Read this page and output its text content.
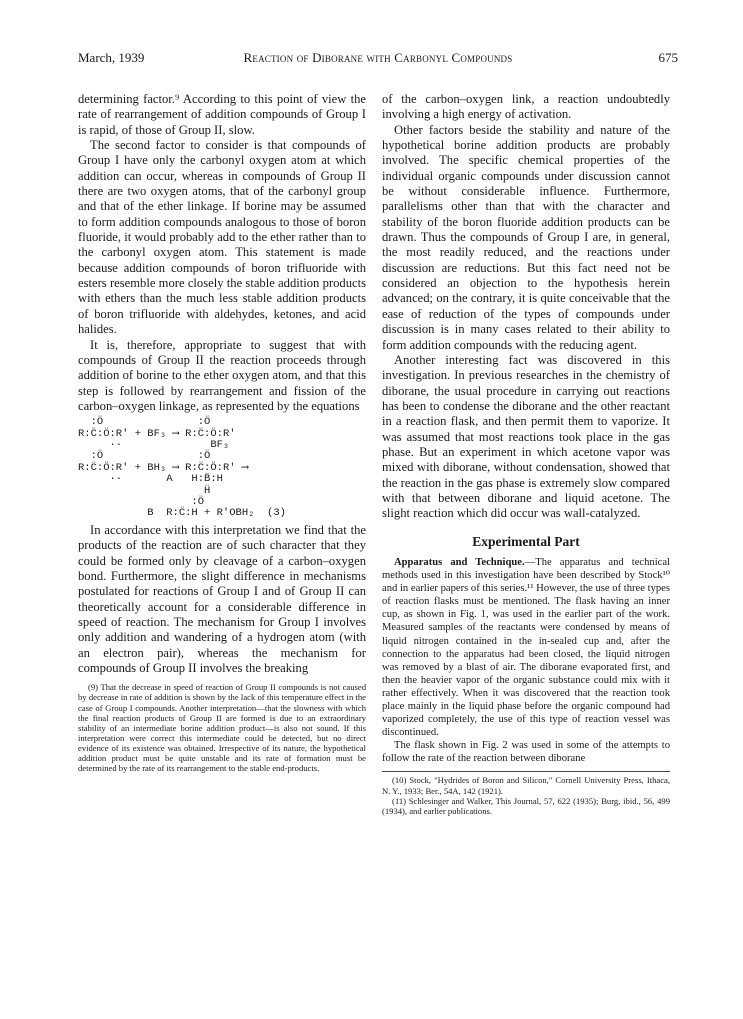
March, 1939	Reaction of Diborane with Carbonyl Compounds	675

determining factor.⁹ According to this point of view the rate of rearrangement of addition compounds of Group I is rapid, of those of Group II, slow.

The second factor to consider is that compounds of Group I have only the carbonyl oxygen atom at which addition can occur, whereas in compounds of Group II there are two oxygen atoms, that of the carbonyl group and that of the ether linkage. If borine may be assumed to form addition compounds analogous to those of boron fluoride, it would probably add to the ether rather than to the carbonyl oxygen atom. This statement is made because addition compounds of boron trifluoride with esters resemble more closely the stable addition products with ethers than the much less stable addition products of boron trifluoride with aldehydes, ketones, and acid halides.

It is, therefore, appropriate to suggest that with compounds of Group II the reaction proceeds through addition of borine to the ether oxygen atom, and that this step is followed by rearrangement and fission of the carbon–oxygen linkage, as represented by the equations

:Ö               :Ö
R:C̈:Ö:R' + BF₃ ⟶ R:C̈:Ö:R'
··              BF₃
:Ö               :Ö
R:C̈:Ö:R' + BH₃ ⟶ R:C̈:Ö:R' ⟶
··       A   H:B̈:H
Ḧ
:Ö
B  R:C̈:H + R'OBH₂  (3)

In accordance with this interpretation we find that the products of the reaction are of such character that they could be formed only by cleavage of a carbon–oxygen bond. Furthermore, the slight difference in mechanisms postulated for reactions of Group I and of Group II can theoretically account for a considerable difference in speed of reaction. The mechanism for Group I involves only addition and wandering of a hydrogen atom (with an electron pair), whereas the mechanism for compounds of Group II involves the breaking

(9) That the decrease in speed of reaction of Group II compounds is not caused by decrease in rate of addition is shown by the lack of this temperature effect in the case of Group I compounds. Another interpretation—that the slowness with which the final reaction products of Group II are formed is due to an extraordinary stability of an intermediate borine addition product—is also not sound. If this interpretation were correct this intermediate could be detected, but no direct evidence of its existence was obtained. Irrespective of its nature, the hypothetical addition product must be quite unstable and its rate of formation must be determined by the rate of its rearrangement to the stable end-products.

of the carbon–oxygen link, a reaction undoubtedly involving a high energy of activation.

Other factors beside the stability and nature of the hypothetical borine addition products are probably involved. The specific chemical properties of the individual organic compounds under discussion cannot be without considerable influence. Furthermore, parallelisms other than that with the character and stability of the boron fluoride addition products can be drawn. Thus the compounds of Group I are, in general, the most readily reduced, and the reactions under discussion are reductions. But this fact need not be considered an objection to the hypothesis herein advanced; on the contrary, it is quite conceivable that the ease of reduction of the types of compounds under discussion is in many cases related to their ability to form addition compounds with the reducing agent.

Another interesting fact was discovered in this investigation. In previous researches in the chemistry of diborane, the usual procedure in carrying out reactions has been to condense the diborane and the other reactant in a reaction flask, and then permit them to vaporize. It was assumed that most reactions took place in the gas phase. But an experiment in which acetone vapor was mixed with diborane, without condensation, showed that the reaction in the gas phase is extremely slow compared with that between diborane and liquid acetone. The slight reaction which did occur was wall-catalyzed.

Experimental Part

Apparatus and Technique.—The apparatus and technical methods used in this investigation have been described by Stock¹⁰ and in earlier papers of this series.¹¹ However, the use of three types of reaction flasks must be mentioned. The flask having an inner cup, as shown in Fig. 1, was used in the earlier part of the work. Measured samples of the reactants were condensed by means of liquid nitrogen contained in the in-sealed cup and, after the connection to the apparatus had been closed, the liquid nitrogen was removed by a blast of air. The diborane evaporated first, and then the heavier vapor of the organic substance could mix with it rather effectively. When it was discovered that the reaction took place mainly in the liquid phase before the organic compound had vaporized completely, the use of this type of reaction vessel was discontinued.

The flask shown in Fig. 2 was used in some of the attempts to follow the rate of the reaction between diborane

(10) Stock, "Hydrides of Boron and Silicon," Cornell University Press, Ithaca, N. Y., 1933; Ber., 54A, 142 (1921).

(11) Schlesinger and Walker, This Journal, 57, 622 (1935); Burg, ibid., 56, 499 (1934), and earlier publications.
